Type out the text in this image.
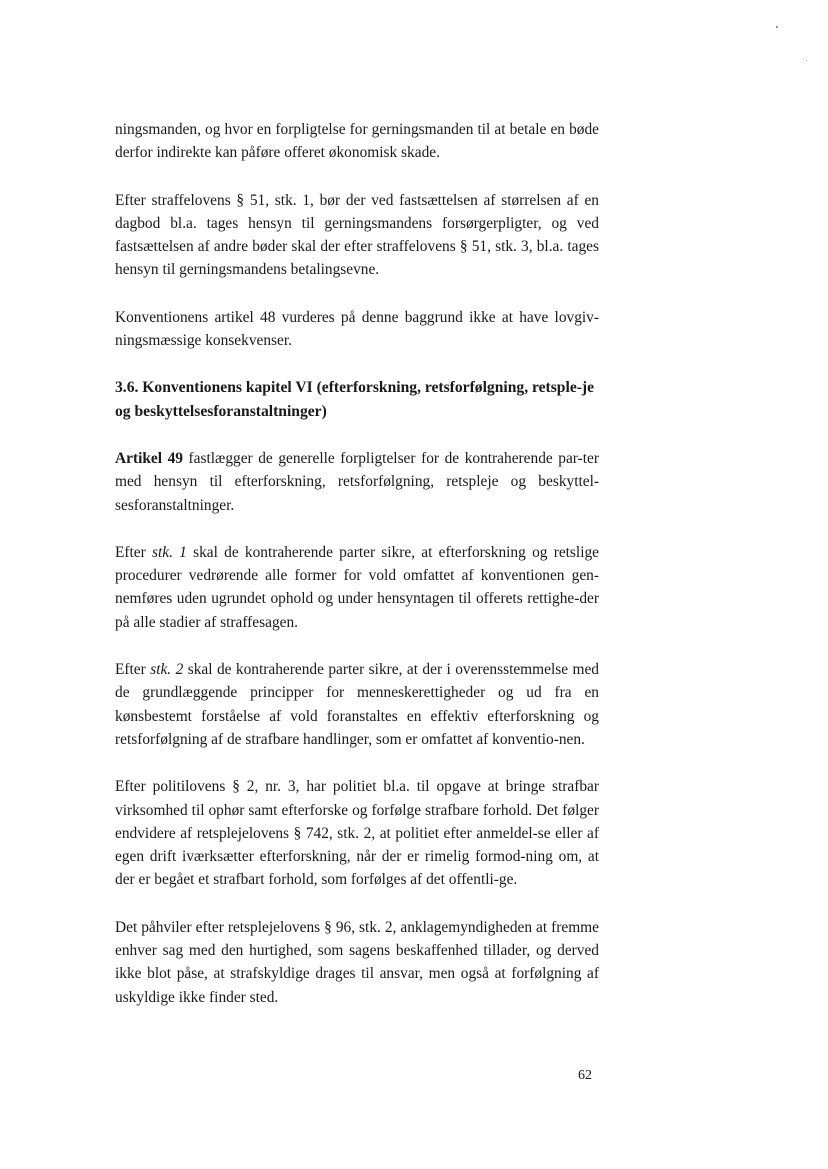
ningsmanden, og hvor en forpligtelse for gerningsmanden til at betale en bøde derfor indirekte kan påføre offeret økonomisk skade.

Efter straffelovens § 51, stk. 1, bør der ved fastsættelsen af størrelsen af en dagbod bl.a. tages hensyn til gerningsmandens forsørgerpligter, og ved fastsættelsen af andre bøder skal der efter straffelovens § 51, stk. 3, bl.a. tages hensyn til gerningsmandens betalingsevne.

Konventionens artikel 48 vurderes på denne baggrund ikke at have lovgiv-ningsmæssige konsekvenser.

3.6. Konventionens kapitel VI (efterforskning, retsforfølgning, retsple-je og beskyttelsesforanstaltninger)

Artikel 49 fastlægger de generelle forpligtelser for de kontraherende par-ter med hensyn til efterforskning, retsforfølgning, retspleje og beskyttel-sesforanstaltninger.

Efter stk. 1 skal de kontraherende parter sikre, at efterforskning og retslige procedurer vedrørende alle former for vold omfattet af konventionen gen-nemføres uden ugrundet ophold og under hensyntagen til offerets rettighe-der på alle stadier af straffesagen.

Efter stk. 2 skal de kontraherende parter sikre, at der i overensstemmelse med de grundlæggende principper for menneskerettigheder og ud fra en kønsbestemt forståelse af vold foranstaltes en effektiv efterforskning og retsforfølgning af de strafbare handlinger, som er omfattet af konventio-nen.

Efter politilovens § 2, nr. 3, har politiet bl.a. til opgave at bringe strafbar virksomhed til ophør samt efterforske og forfølge strafbare forhold. Det følger endvidere af retsplejelovens § 742, stk. 2, at politiet efter anmeldel-se eller af egen drift iværksætter efterforskning, når der er rimelig formod-ning om, at der er begået et strafbart forhold, som forfølges af det offentli-ge.

Det påhviler efter retsplejelovens § 96, stk. 2, anklagemyndigheden at fremme enhver sag med den hurtighed, som sagens beskaffenhed tillader, og derved ikke blot påse, at strafskyldige drages til ansvar, men også at forfølgning af uskyldige ikke finder sted.

62
